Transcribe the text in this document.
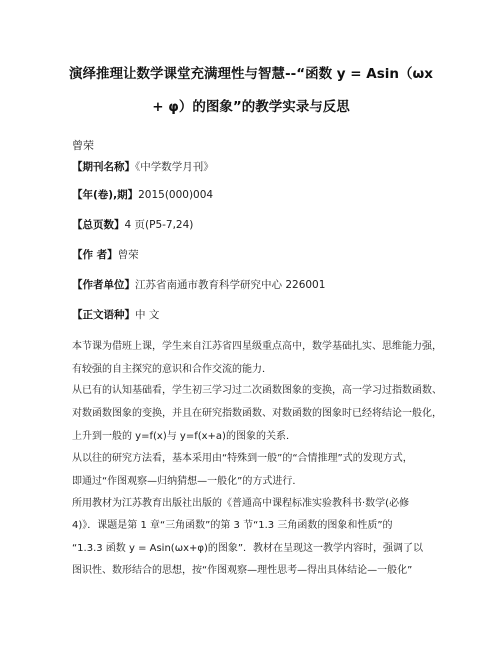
演绎推理让数学课堂充满理性与智慧--“函数 y = Asin（ωx
+ φ）的图象”的教学实录与反思
曾荣
【期刊名称】《中学数学月刊》
【年(卷),期】2015(000)004
【总页数】4 页(P5-7,24)
【作 者】曾荣
【作者单位】江苏省南通市教育科学研究中心 226001
【正文语种】中 文
本节课为借班上课，学生来自江苏省四星级重点高中，数学基础扎实、思维能力强，
有较强的自主探究的意识和合作交流的能力．
从已有的认知基础看，学生初三学习过二次函数图象的变换，高一学习过指数函数、
对数函数图象的变换，并且在研究指数函数、对数函数的图象时已经将结论一般化，
上升到一般的 y=f(x)与 y=f(x+a)的图象的关系．
从以往的研究方法看，基本采用由“特殊到一般”的“合情推理”式的发现方式，
即通过“作图观察—归纳猜想—一般化”的方式进行．
所用教材为江苏教育出版社出版的《普通高中课程标准实验教科书·数学(必修
4)》．课题是第 1 章“三角函数”的第 3 节“1.3 三角函数的图象和性质”的
“1.3.3 函数 y = Asin(ωx+φ)的图象”．教材在呈现这一教学内容时，强调了以
图识性、数形结合的思想，按“作图观察—理性思考—得出具体结论—一般化”
